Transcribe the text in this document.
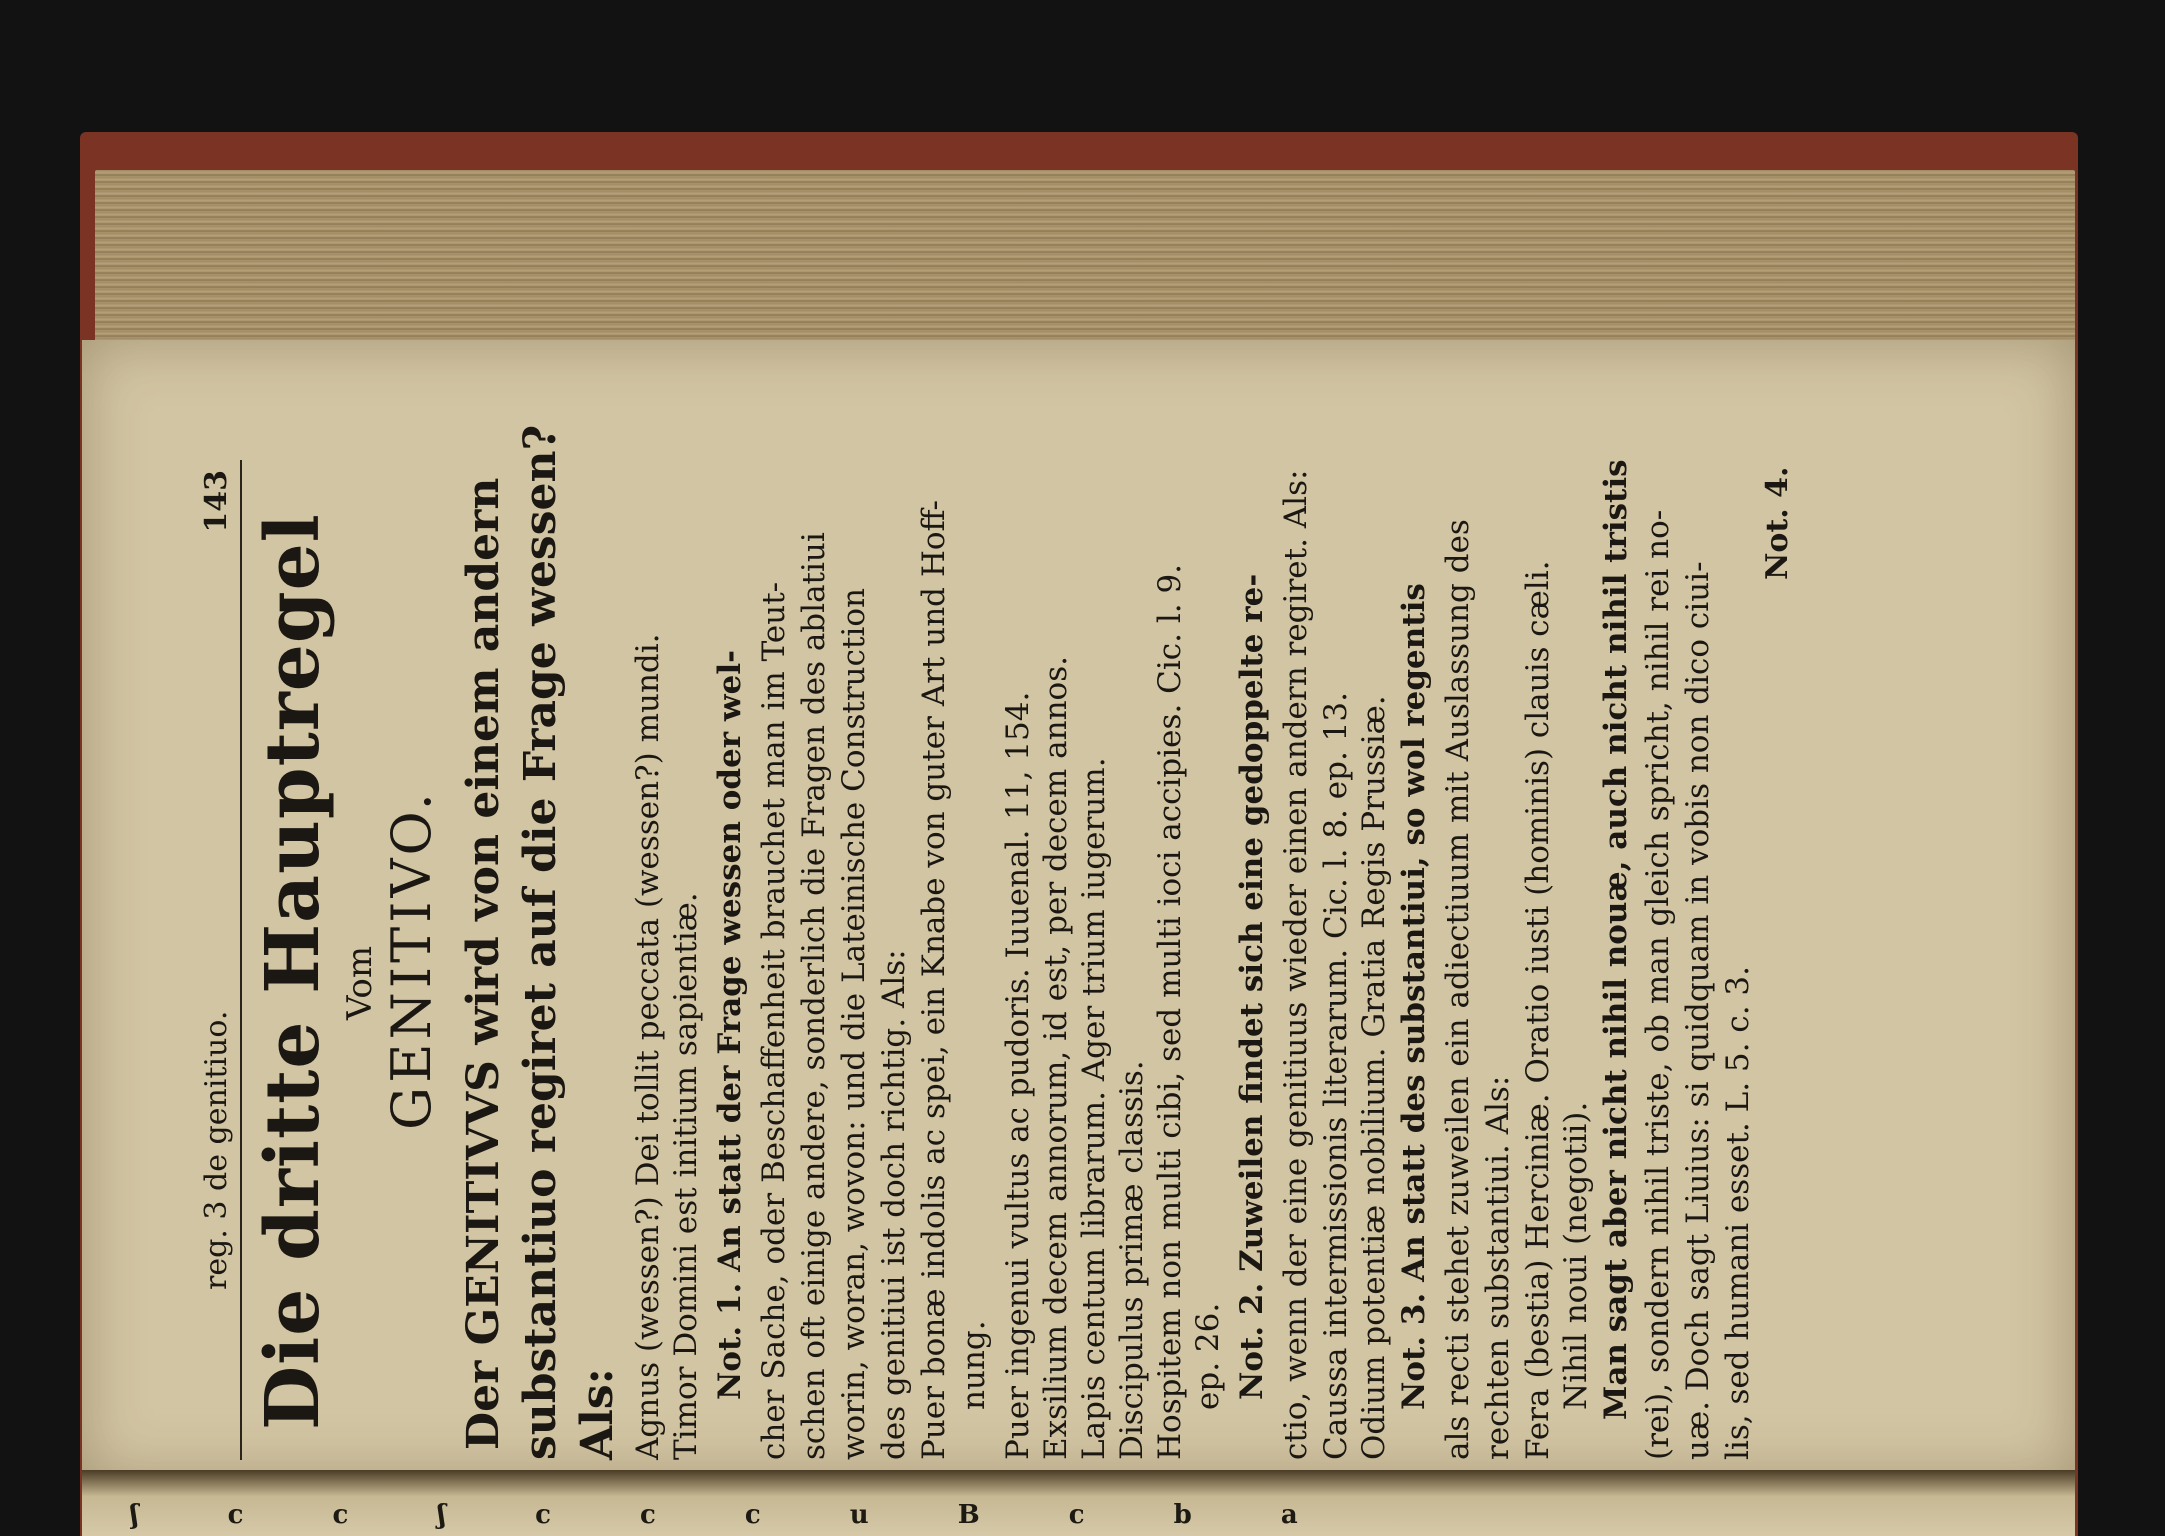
ʃ c c ʃ c c c u B c b a
reg. 3 de genitiuo.
143
Die dritte Hauptregel Vom GENITIVO. Der GENITIVVS wird von einem andern substantiuo regiret auf die Frage wessen? Als: Agnus (wessen?) Dei tollit peccata (wessen?) mundi. Timor Domini est initium sapientiæ. Not. 1. An statt der Frage wessen oder wel- cher Sache, oder Beschaffenheit brauchet man im Teut- schen oft einige andere, sonderlich die Fragen des ablatiui worin, woran, wovon: und die Lateinische Construction des genitiui ist doch richtig. Als: Puer bonæ indolis ac spei, ein Knabe von guter Art und Hoff- nung. Puer ingenui vultus ac pudoris. Iuuenal. 11, 154. Exsilium decem annorum, id est, per decem annos. Lapis centum librarum. Ager trium iugerum. Discipulus primæ classis. Hospitem non multi cibi, sed multi ioci accipies. Cic. l. 9. ep. 26. Not. 2. Zuweilen findet sich eine gedoppelte re- ctio, wenn der eine genitiuus wieder einen andern regiret. Als: Caussa intermissionis literarum. Cic. l. 8. ep. 13. Odium potentiæ nobilium. Gratia Regis Prussiæ. Not. 3. An statt des substantiui, so wol regentis als recti stehet zuweilen ein adiectiuum mit Auslassung des rechten substantiui. Als: Fera (bestia) Herciniæ. Oratio iusti (hominis) clauis cæli. Nihil noui (negotii). Man sagt aber nicht nihil nouæ, auch nicht nihil tristis (rei), sondern nihil triste, ob man gleich spricht, nihil rei no- uæ. Doch sagt Liuius: si quidquam in vobis non dico ciui- lis, sed humani esset. L. 5. c. 3.
Not. 4.
